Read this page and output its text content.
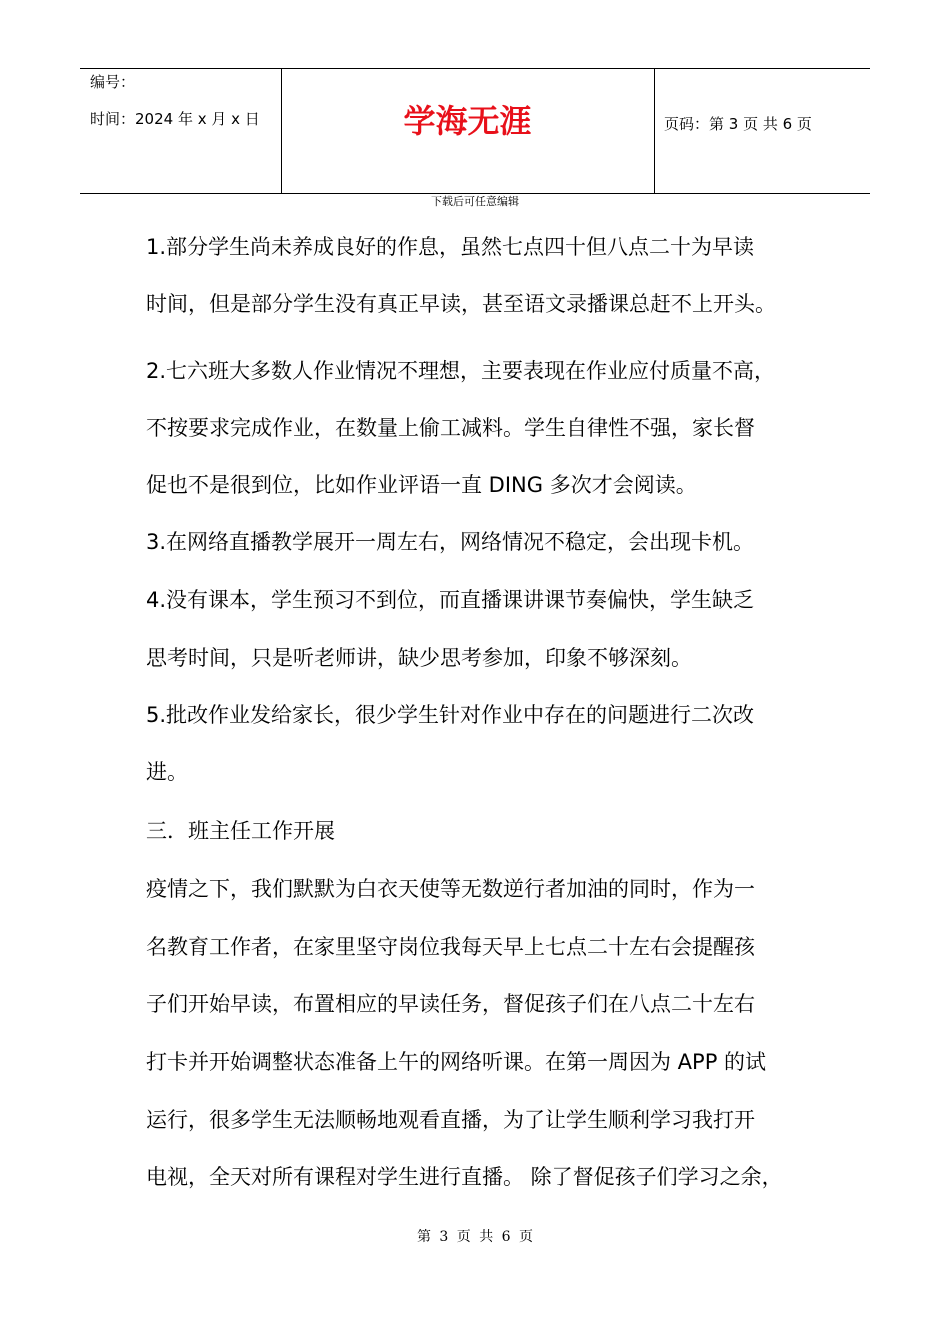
编号：
时间：2024 年 x 月 x 日	学海无涯	页码：第 3 页 共 6 页
下载后可任意编辑
1.部分学生尚未养成良好的作息，虽然七点四十但八点二十为早读
时间，但是部分学生没有真正早读，甚至语文录播课总赶不上开头。
2.七六班大多数人作业情况不理想，主要表现在作业应付质量不高，
不按要求完成作业，在数量上偷工减料。学生自律性不强，家长督
促也不是很到位，比如作业评语一直 DING 多次才会阅读。
3.在网络直播教学展开一周左右，网络情况不稳定，会出现卡机。
4.没有课本，学生预习不到位，而直播课讲课节奏偏快，学生缺乏
思考时间，只是听老师讲，缺少思考参加，印象不够深刻。
5.批改作业发给家长，很少学生针对作业中存在的问题进行二次改
进。
三．班主任工作开展
疫情之下，我们默默为白衣天使等无数逆行者加油的同时，作为一
名教育工作者，在家里坚守岗位我每天早上七点二十左右会提醒孩
子们开始早读，布置相应的早读任务，督促孩子们在八点二十左右
打卡并开始调整状态准备上午的网络听课。在第一周因为 APP 的试
运行，很多学生无法顺畅地观看直播，为了让学生顺利学习我打开
电视，全天对所有课程对学生进行直播。 除了督促孩子们学习之余，
第 3 页 共 6 页
